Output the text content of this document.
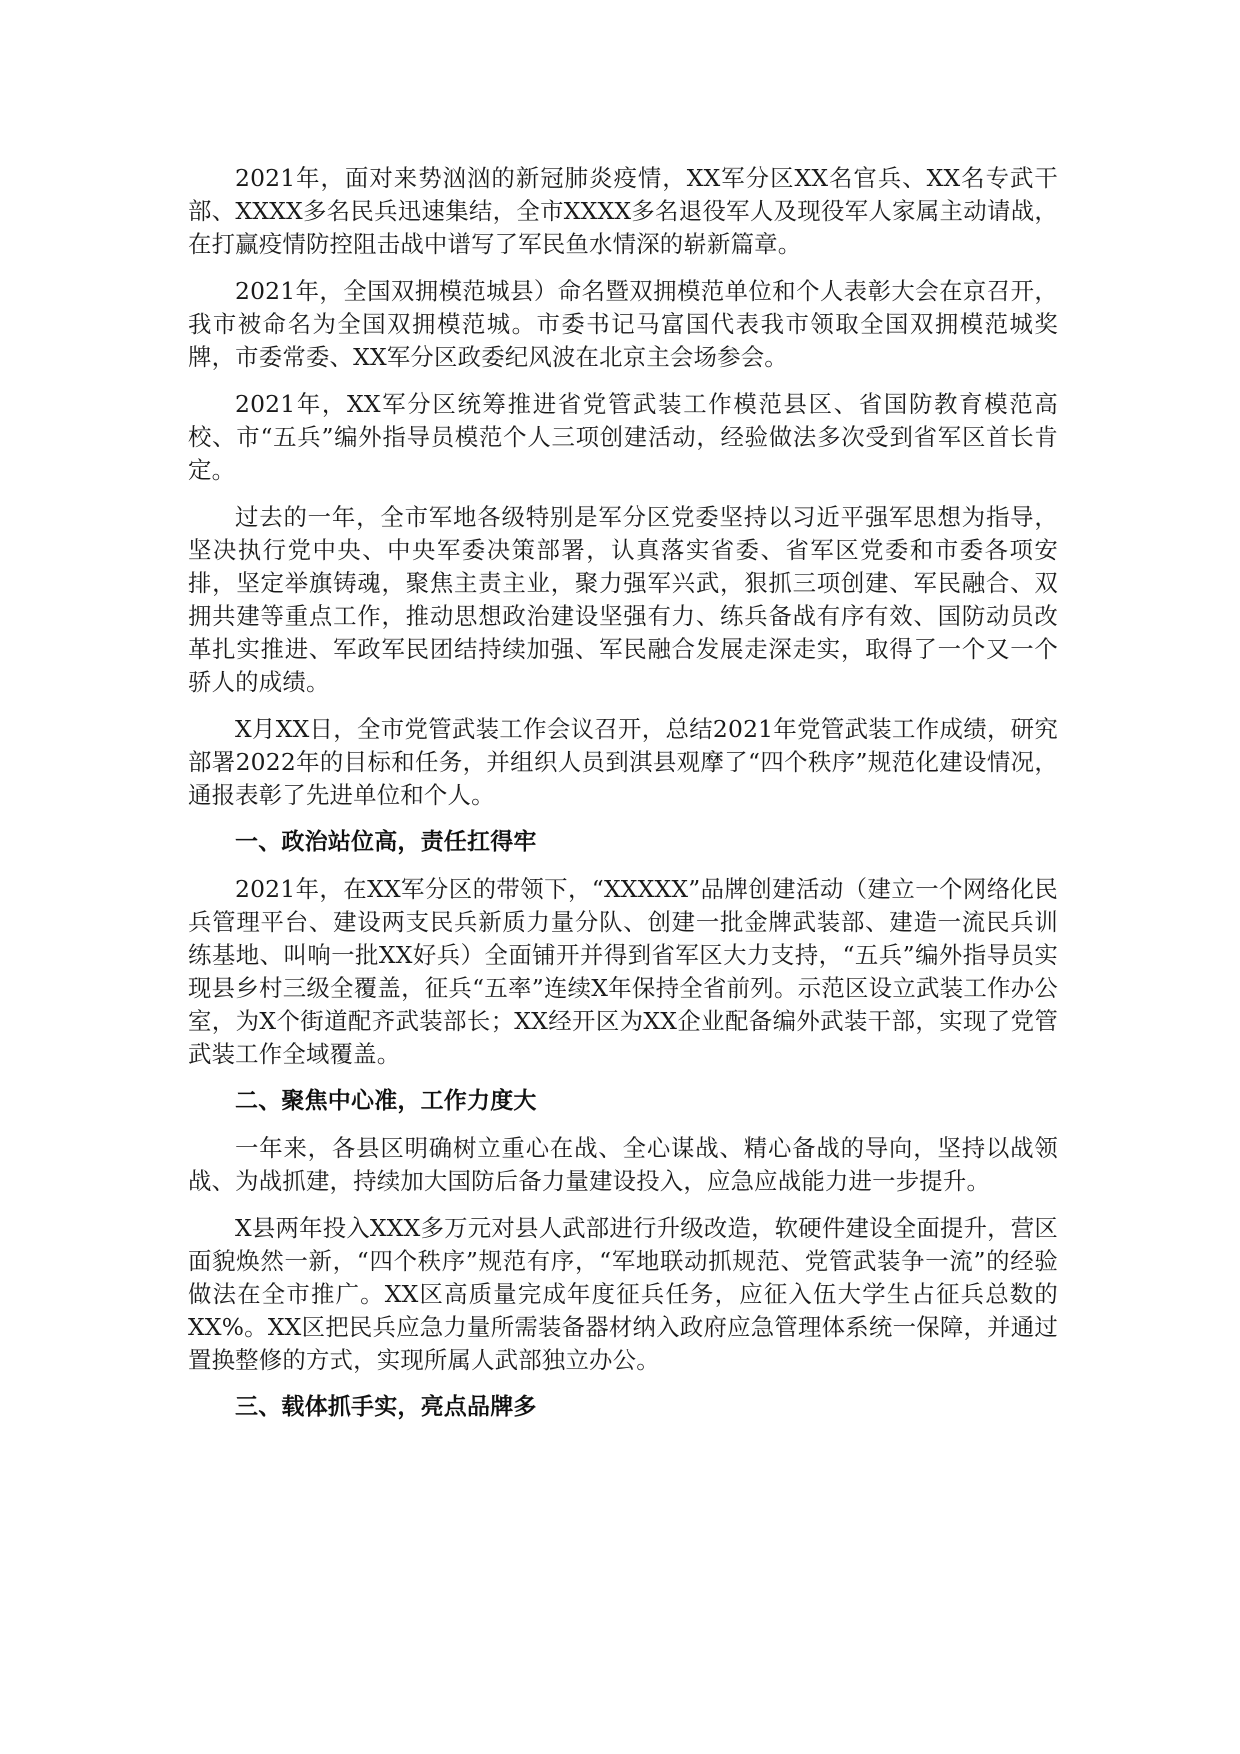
2021年，面对来势汹汹的新冠肺炎疫情，XX军分区XX名官兵、XX名专武干部、XXXX多名民兵迅速集结，全市XXXX多名退役军人及现役军人家属主动请战，在打赢疫情防控阻击战中谱写了军民鱼水情深的崭新篇章。

2021年，全国双拥模范城县）命名暨双拥模范单位和个人表彰大会在京召开，我市被命名为全国双拥模范城。市委书记马富国代表我市领取全国双拥模范城奖牌，市委常委、XX军分区政委纪风波在北京主会场参会。

2021年，XX军分区统筹推进省党管武装工作模范县区、省国防教育模范高校、市“五兵”编外指导员模范个人三项创建活动，经验做法多次受到省军区首长肯定。

过去的一年，全市军地各级特别是军分区党委坚持以习近平强军思想为指导，坚决执行党中央、中央军委决策部署，认真落实省委、省军区党委和市委各项安排，坚定举旗铸魂，聚焦主责主业，聚力强军兴武，狠抓三项创建、军民融合、双拥共建等重点工作，推动思想政治建设坚强有力、练兵备战有序有效、国防动员改革扎实推进、军政军民团结持续加强、军民融合发展走深走实，取得了一个又一个骄人的成绩。

X月XX日，全市党管武装工作会议召开，总结2021年党管武装工作成绩，研究部署2022年的目标和任务，并组织人员到淇县观摩了“四个秩序”规范化建设情况，通报表彰了先进单位和个人。

一、政治站位高，责任扛得牢

2021年，在XX军分区的带领下，“XXXXX”品牌创建活动（建立一个网络化民兵管理平台、建设两支民兵新质力量分队、创建一批金牌武装部、建造一流民兵训练基地、叫响一批XX好兵）全面铺开并得到省军区大力支持，“五兵”编外指导员实现县乡村三级全覆盖，征兵“五率”连续X年保持全省前列。示范区设立武装工作办公室，为X个街道配齐武装部长；XX经开区为XX企业配备编外武装干部，实现了党管武装工作全域覆盖。

二、聚焦中心准，工作力度大

一年来，各县区明确树立重心在战、全心谋战、精心备战的导向，坚持以战领战、为战抓建，持续加大国防后备力量建设投入，应急应战能力进一步提升。

X县两年投入XXX多万元对县人武部进行升级改造，软硬件建设全面提升，营区面貌焕然一新，“四个秩序”规范有序，“军地联动抓规范、党管武装争一流”的经验做法在全市推广。XX区高质量完成年度征兵任务，应征入伍大学生占征兵总数的XX%。XX区把民兵应急力量所需装备器材纳入政府应急管理体系统一保障，并通过置换整修的方式，实现所属人武部独立办公。

三、载体抓手实，亮点品牌多
